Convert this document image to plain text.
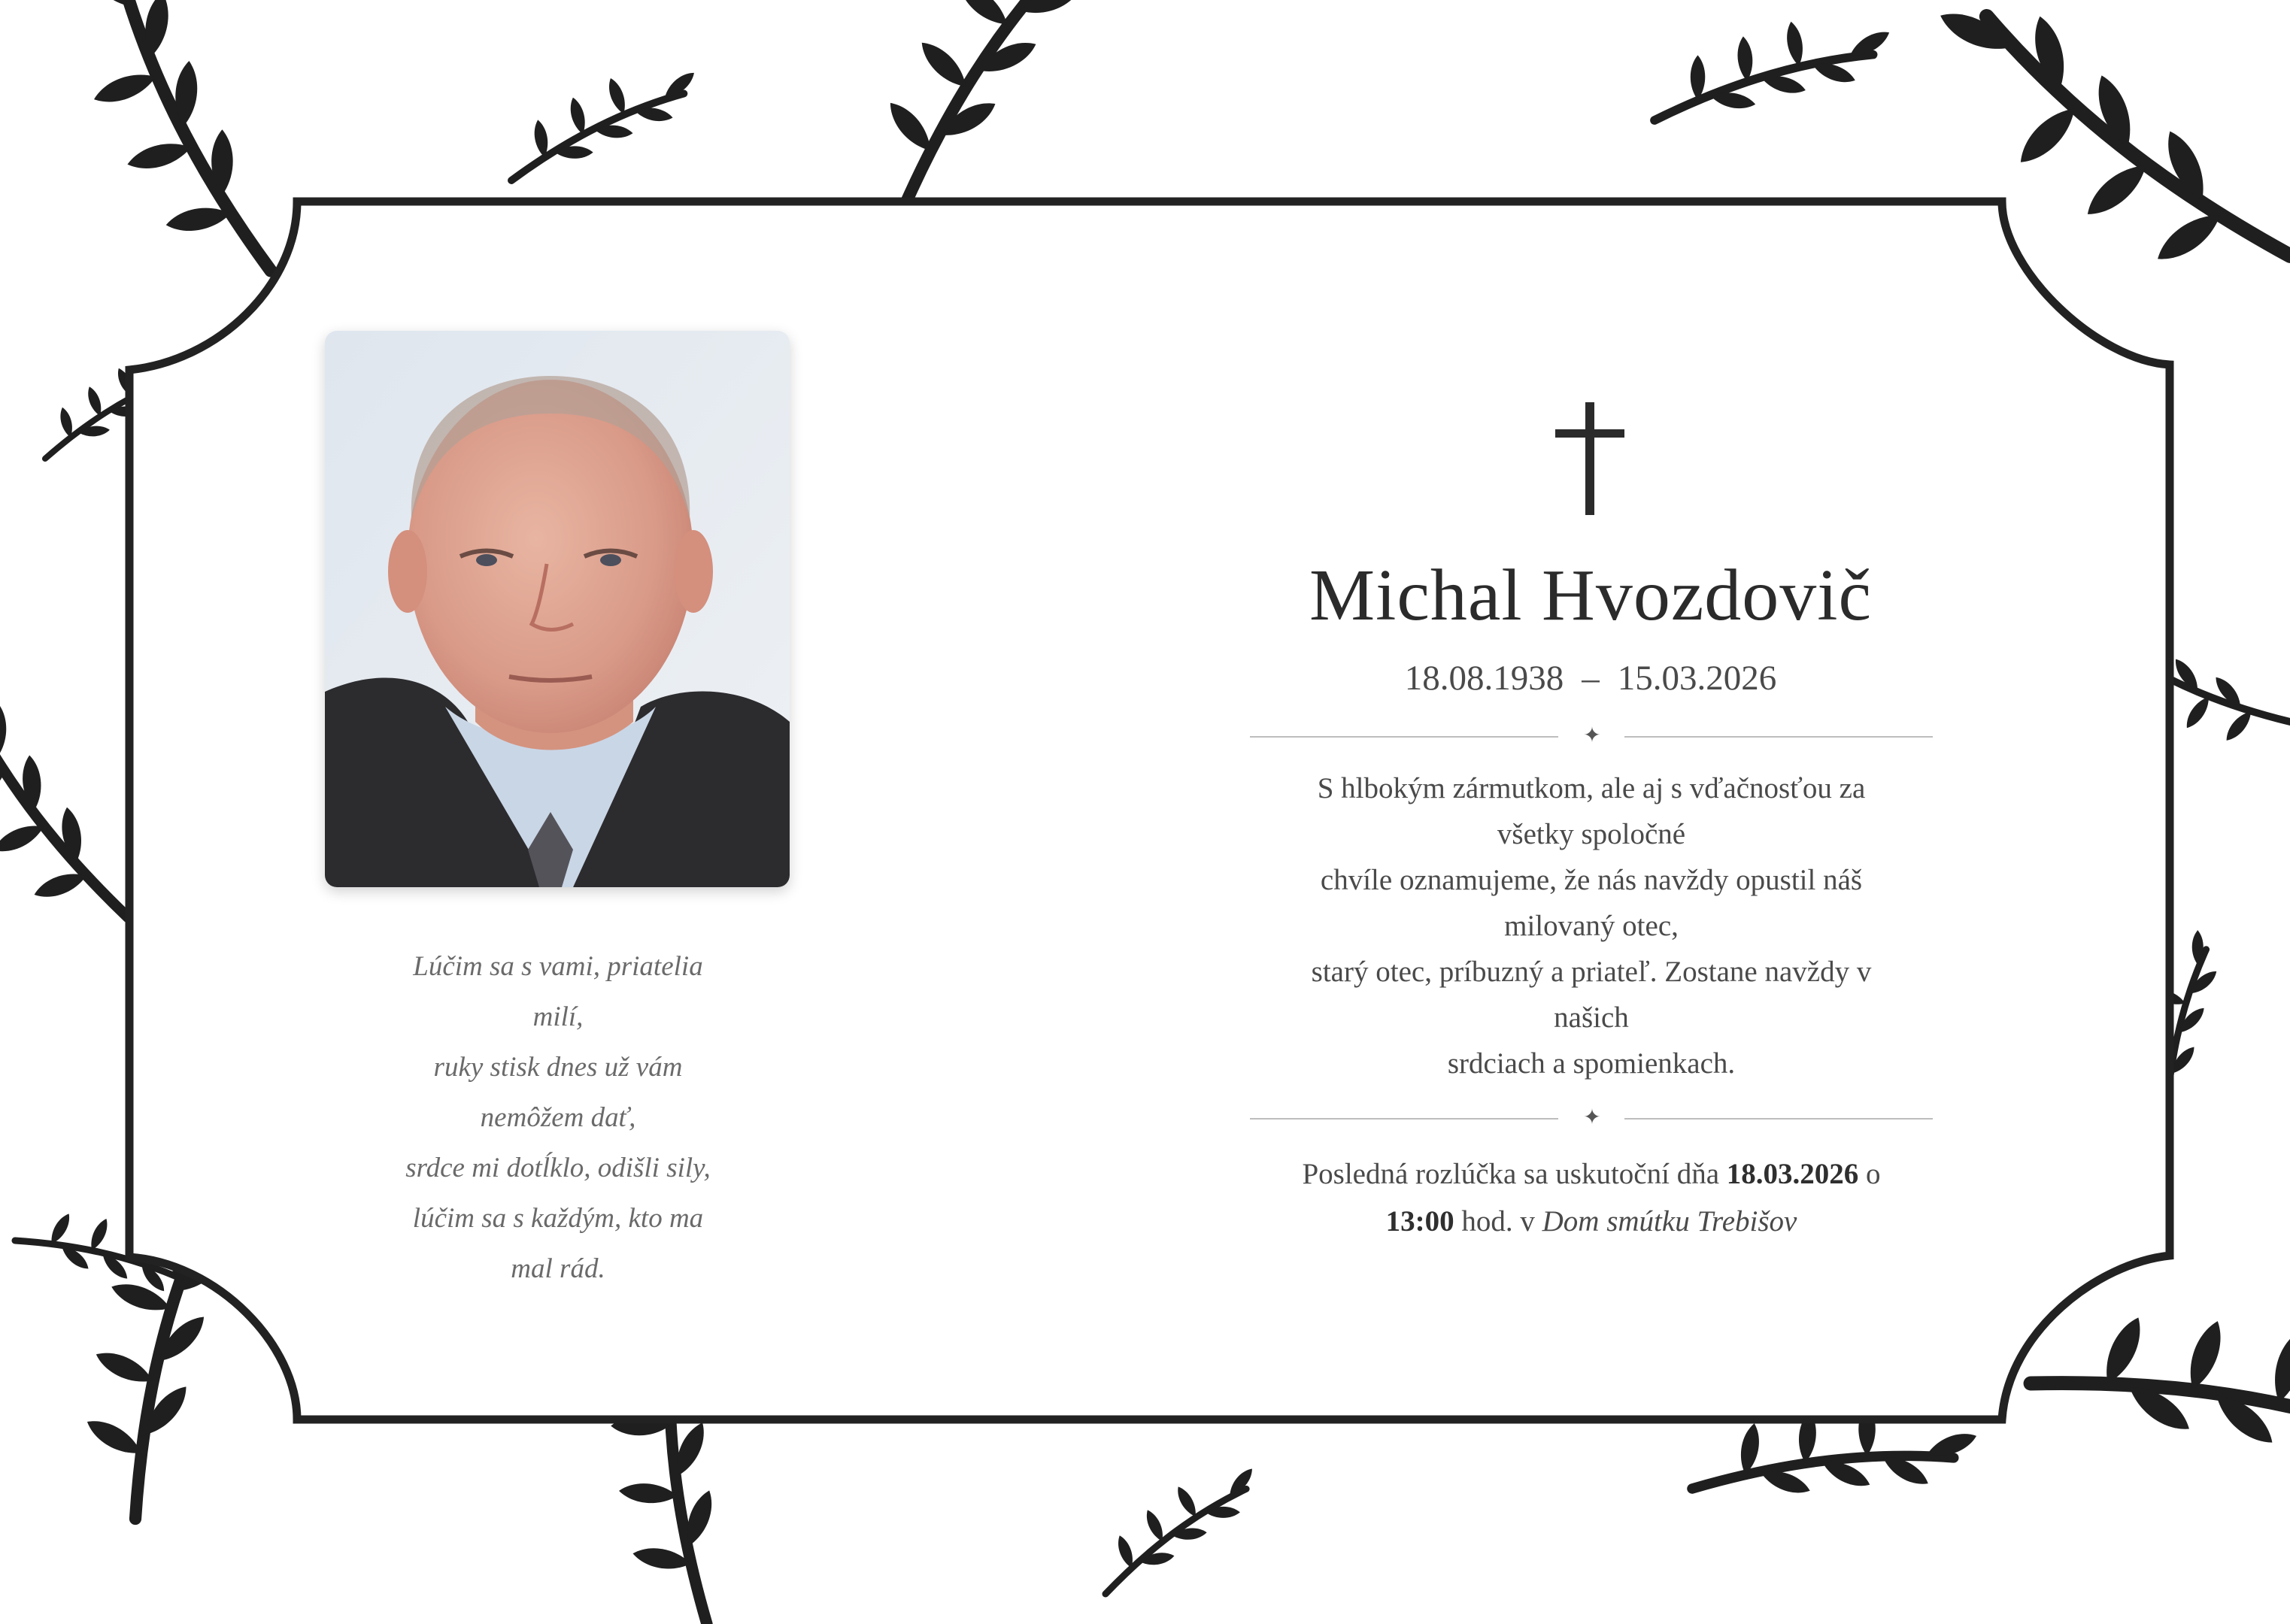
Lúčim sa s vami, priatelia
milí,
ruky stisk dnes už vám
nemôžem dať,
srdce mi dotĺklo, odišli sily,
lúčim sa s každým, kto ma
mal rád.
Michal Hvozdovič
18.08.1938 – 15.03.2026
✦
S hlbokým zármutkom, ale aj s vďačnosťou za
všetky spoločné
chvíle oznamujeme, že nás navždy opustil náš
milovaný otec,
starý otec, príbuzný a priateľ. Zostane navždy v
našich
srdciach a spomienkach.
✦
Posledná rozlúčka sa uskutoční dňa 18.03.2026 o
13:00 hod. v Dom smútku Trebišov
